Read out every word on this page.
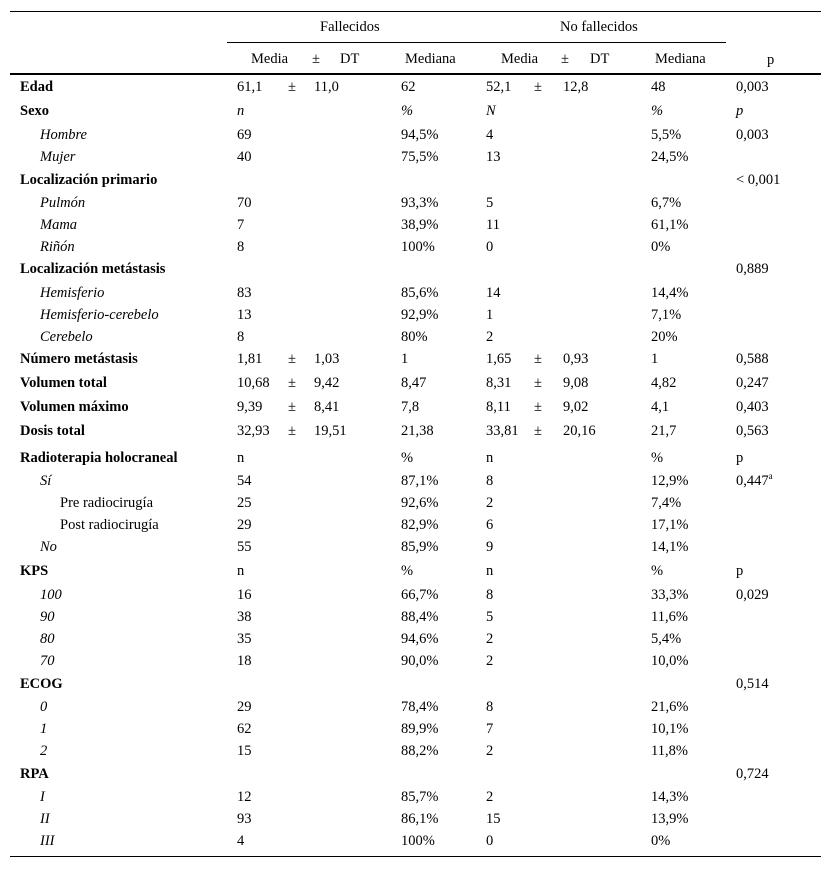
Fallecidos	No fallecidos
Media ± DT	Mediana	Media ± DT	Mediana	p
Edad	61,1 ± 11,0	62	52,1 ± 12,8	48	0,003
Sexo	n	%	N	%	p
Hombre	69	94,5%	4	5,5%	0,003
Mujer	40	75,5%	13	24,5%
Localización primario	< 0,001
Pulmón	70	93,3%	5	6,7%
Mama	7	38,9%	11	61,1%
Riñón	8	100%	0	0%
Localización metástasis	0,889
Hemisferio	83	85,6%	14	14,4%
Hemisferio-cerebelo	13	92,9%	1	7,1%
Cerebelo	8	80%	2	20%
Número metástasis	1,81 ± 1,03	1	1,65 ± 0,93	1	0,588
Volumen total	10,68 ± 9,42	8,47	8,31 ± 9,08	4,82	0,247
Volumen máximo	9,39 ± 8,41	7,8	8,11 ± 9,02	4,1	0,403
Dosis total	32,93 ± 19,51	21,38	33,81 ± 20,16	21,7	0,563
Radioterapia holocraneal	n	%	n	%	p
Sí	54	87,1%	8	12,9%	0,447$^a$
Pre radiocirugía	25	92,6%	2	7,4%
Post radiocirugía	29	82,9%	6	17,1%
No	55	85,9%	9	14,1%
KPS	n	%	n	%	p
100	16	66,7%	8	33,3%	0,029
90	38	88,4%	5	11,6%
80	35	94,6%	2	5,4%
70	18	90,0%	2	10,0%
ECOG	0,514
0	29	78,4%	8	21,6%
1	62	89,9%	7	10,1%
2	15	88,2%	2	11,8%
RPA	0,724
I	12	85,7%	2	14,3%
II	93	86,1%	15	13,9%
III	4	100%	0	0%
